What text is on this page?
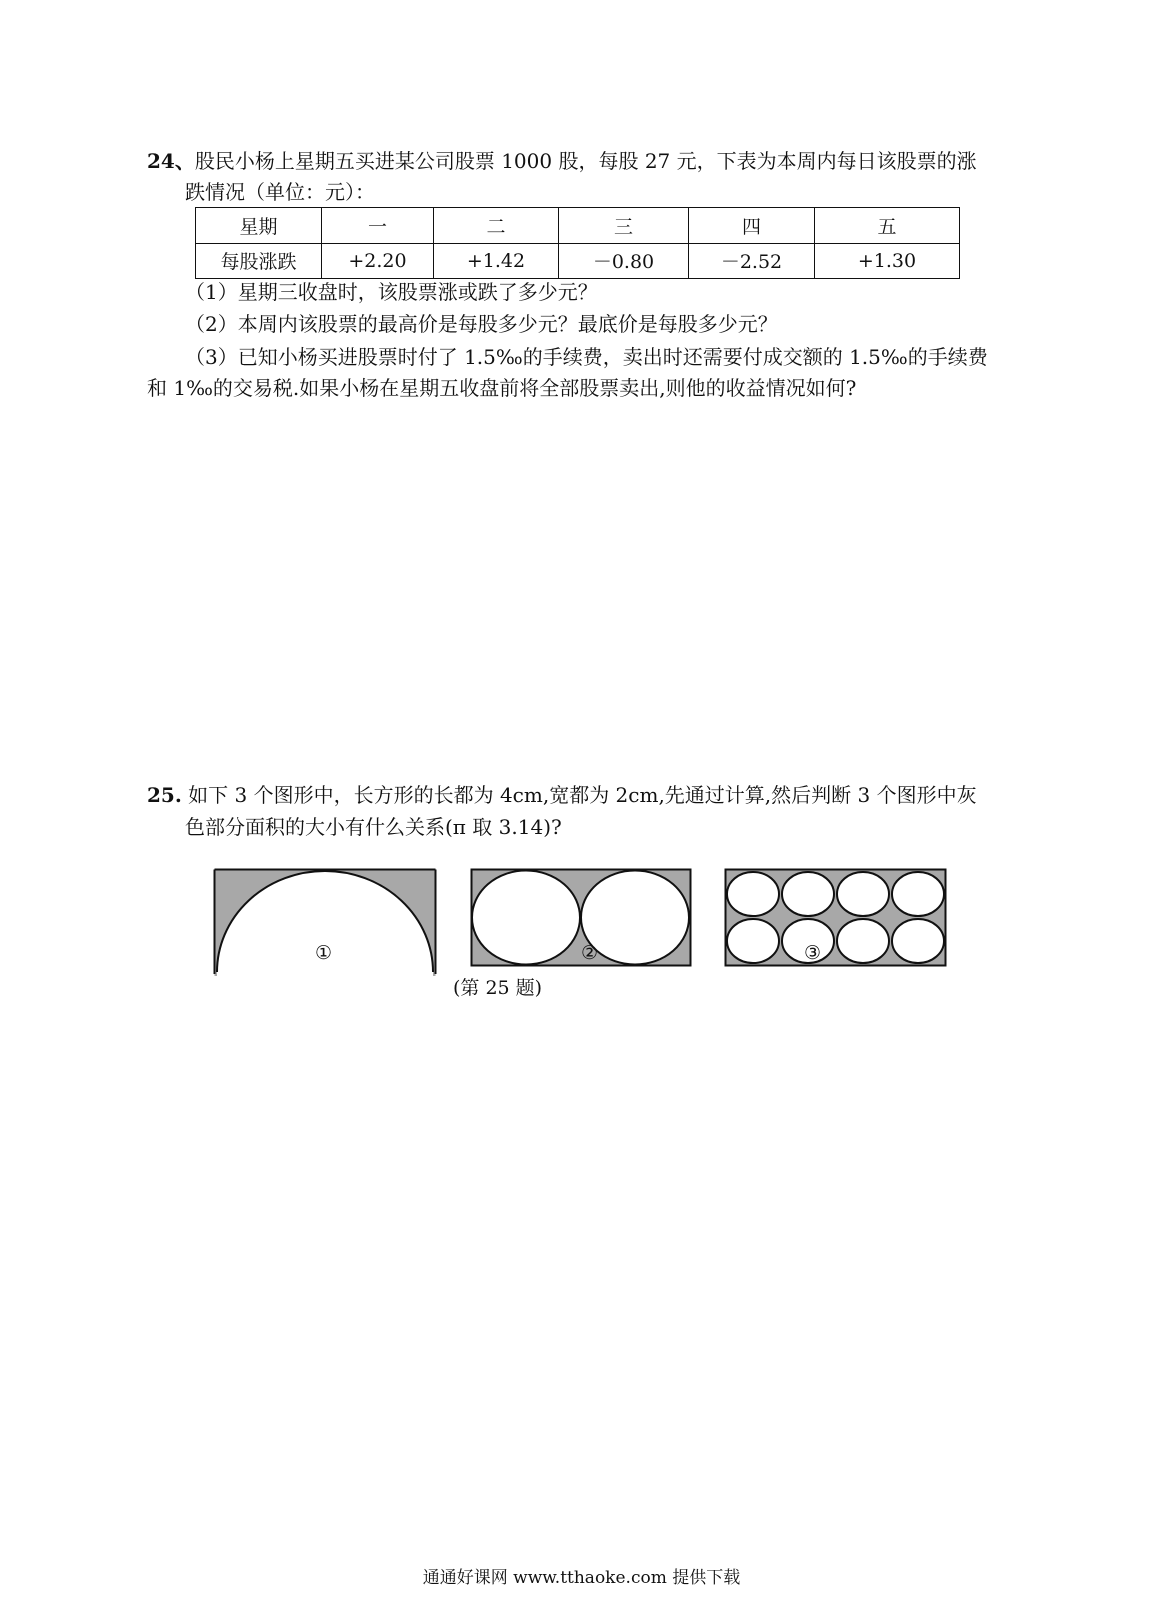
24、股民小杨上星期五买进某公司股票 1000 股，每股 27 元，下表为本周内每日该股票的涨
跌情况（单位：元）：
星期	一	二	三	四	五
每股涨跌	+2.20	+1.42	－0.80	－2.52	+1.30
（1）星期三收盘时，该股票涨或跌了多少元？
（2）本周内该股票的最高价是每股多少元？最底价是每股多少元？
（3）已知小杨买进股票时付了 1.5‰的手续费，卖出时还需要付成交额的 1.5‰的手续费
和 1‰的交易税.如果小杨在星期五收盘前将全部股票卖出,则他的收益情况如何?
25. 如下 3 个图形中，长方形的长都为 4cm,宽都为 2cm,先通过计算,然后判断 3 个图形中灰
色部分面积的大小有什么关系(π 取 3.14)?
①	②	③
(第 25 题)
通通好课网 www.tthaoke.com 提供下载
